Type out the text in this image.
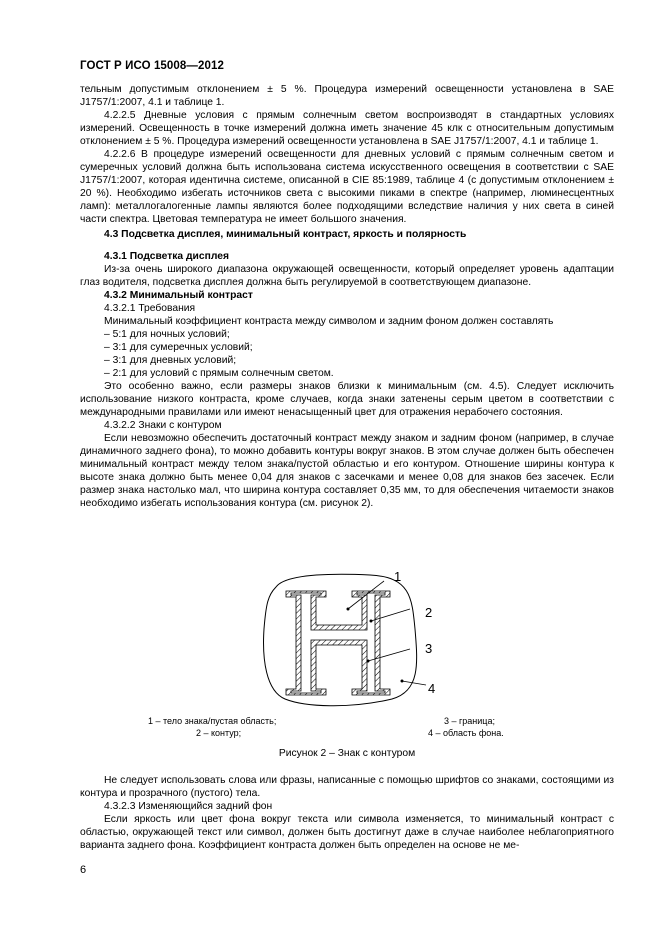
ГОСТ Р ИСО 15008—2012

тельным допустимым отклонением ± 5 %. Процедура измерений освещенности установлена в SAE J1757/1:2007, 4.1 и таблице 1.

4.2.2.5 Дневные условия с прямым солнечным светом воспроизводят в стандартных условиях измерений. Освещенность в точке измерений должна иметь значение 45 клк с относительным допустимым отклонением ± 5 %. Процедура измерений освещенности установлена в SAE J1757/1:2007, 4.1 и таблице 1.

4.2.2.6 В процедуре измерений освещенности для дневных условий с прямым солнечным светом и сумеречных условий должна быть использована система искусственного освещения в соответствии с SAE J1757/1:2007, которая идентична системе, описанной в CIE 85:1989, таблице 4 (с допустимым отклонением ± 20 %). Необходимо избегать источников света с высокими пиками в спектре (например, люминесцентных ламп): металлогалогенные лампы являются более подходящими вследствие наличия у них света в синей части спектра. Цветовая температура не имеет большого значения.

4.3 Подсветка дисплея, минимальный контраст, яркость и полярность

4.3.1 Подсветка дисплея

Из-за очень широкого диапазона окружающей освещенности, который определяет уровень адаптации глаз водителя, подсветка дисплея должна быть регулируемой в соответствующем диапазоне.

4.3.2 Минимальный контраст

4.3.2.1 Требования

Минимальный коэффициент контраста между символом и задним фоном должен составлять

– 5:1 для ночных условий;

– 3:1 для сумеречных условий;

– 3:1 для дневных условий;

– 2:1 для условий с прямым солнечным светом.

Это особенно важно, если размеры знаков близки к минимальным (см. 4.5). Следует исключить использование низкого контраста, кроме случаев, когда знаки затенены серым цветом в соответствии с международными правилами или имеют ненасыщенный цвет для отражения нерабочего состояния.

4.3.2.2 Знаки с контуром

Если невозможно обеспечить достаточный контраст между знаком и задним фоном (например, в случае динамичного заднего фона), то можно добавить контуры вокруг знаков. В этом случае должен быть обеспечен минимальный контраст между телом знака/пустой областью и его контуром. Отношение ширины контура к высоте знака должно быть менее 0,04 для знаков с засечками и менее 0,08 для знаков без засечек. Если размер знака настолько мал, что ширина контура составляет 0,35 мм, то для обеспечения читаемости знаков необходимо избегать использования контура (см. рисунок 2).

1
2
3
4
1 – тело знака/пустая область;
2 – контур;
3 – граница;
4 – область фона.
Рисунок 2 – Знак с контуром

Не следует использовать слова или фразы, написанные с помощью шрифтов со знаками, состоящими из контура и прозрачного (пустого) тела.

4.3.2.3 Изменяющийся задний фон

Если яркость или цвет фона вокруг текста или символа изменяется, то минимальный контраст с областью, окружающей текст или символ, должен быть достигнут даже в случае наиболее неблагоприятного варианта заднего фона. Коэффициент контраста должен быть определен на основе не ме-

6
